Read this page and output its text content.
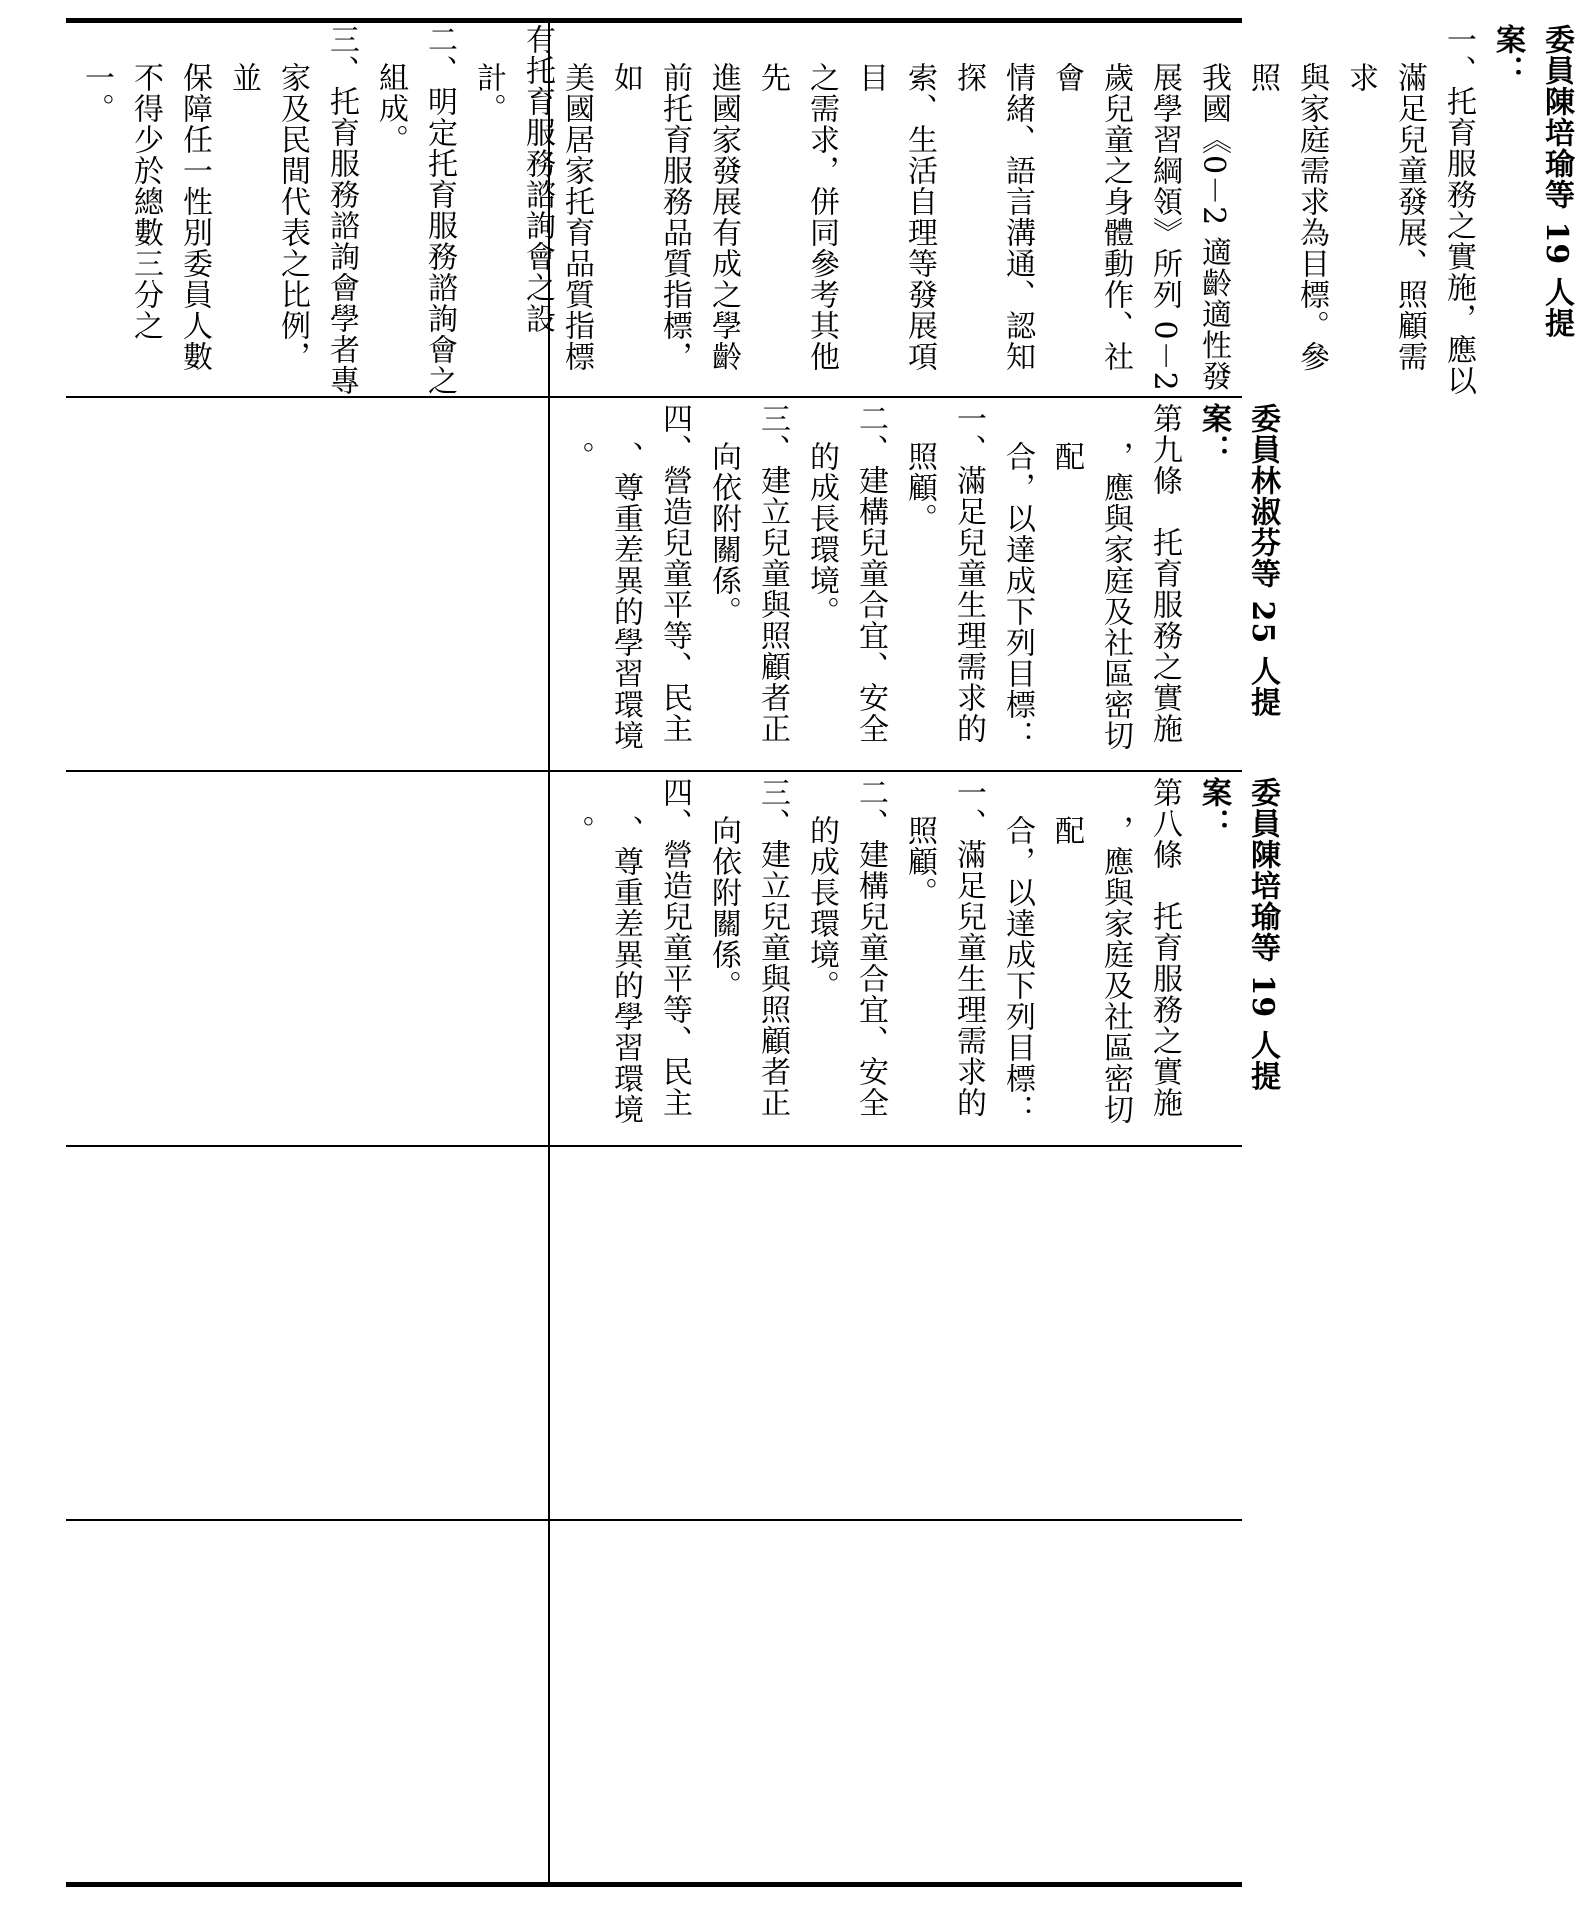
委員陳培瑜等 19 人提案：
一、托育服務之實施，應以
滿足兒童發展、照顧需求
與家庭需求為目標。參照
我國《0－2 適齡適性發
展學習綱領》所列 0－2
歲兒童之身體動作、社會
情緒、語言溝通、認知探
索、生活自理等發展項目
之需求，併同參考其他先
進國家發展有成之學齡
前托育服務品質指標，如
美國居家托育品質指標
有托育服務諮詢會之設
計。
二、明定托育服務諮詢會之
組成。
三、托育服務諮詢會學者專
家及民間代表之比例，並
保障任一性別委員人數
不得少於總數三分之一。
委員林淑芬等 25 人提案：
第九條　托育服務之實施
，應與家庭及社區密切配
合，以達成下列目標：
一、滿足兒童生理需求的
照顧。
二、建構兒童合宜、安全
的成長環境。
三、建立兒童與照顧者正
向依附關係。
四、營造兒童平等、民主
、尊重差異的學習環境
。
委員陳培瑜等 19 人提案：
第八條　托育服務之實施
，應與家庭及社區密切配
合，以達成下列目標：
一、滿足兒童生理需求的
照顧。
二、建構兒童合宜、安全
的成長環境。
三、建立兒童與照顧者正
向依附關係。
四、營造兒童平等、民主
、尊重差異的學習環境
。
